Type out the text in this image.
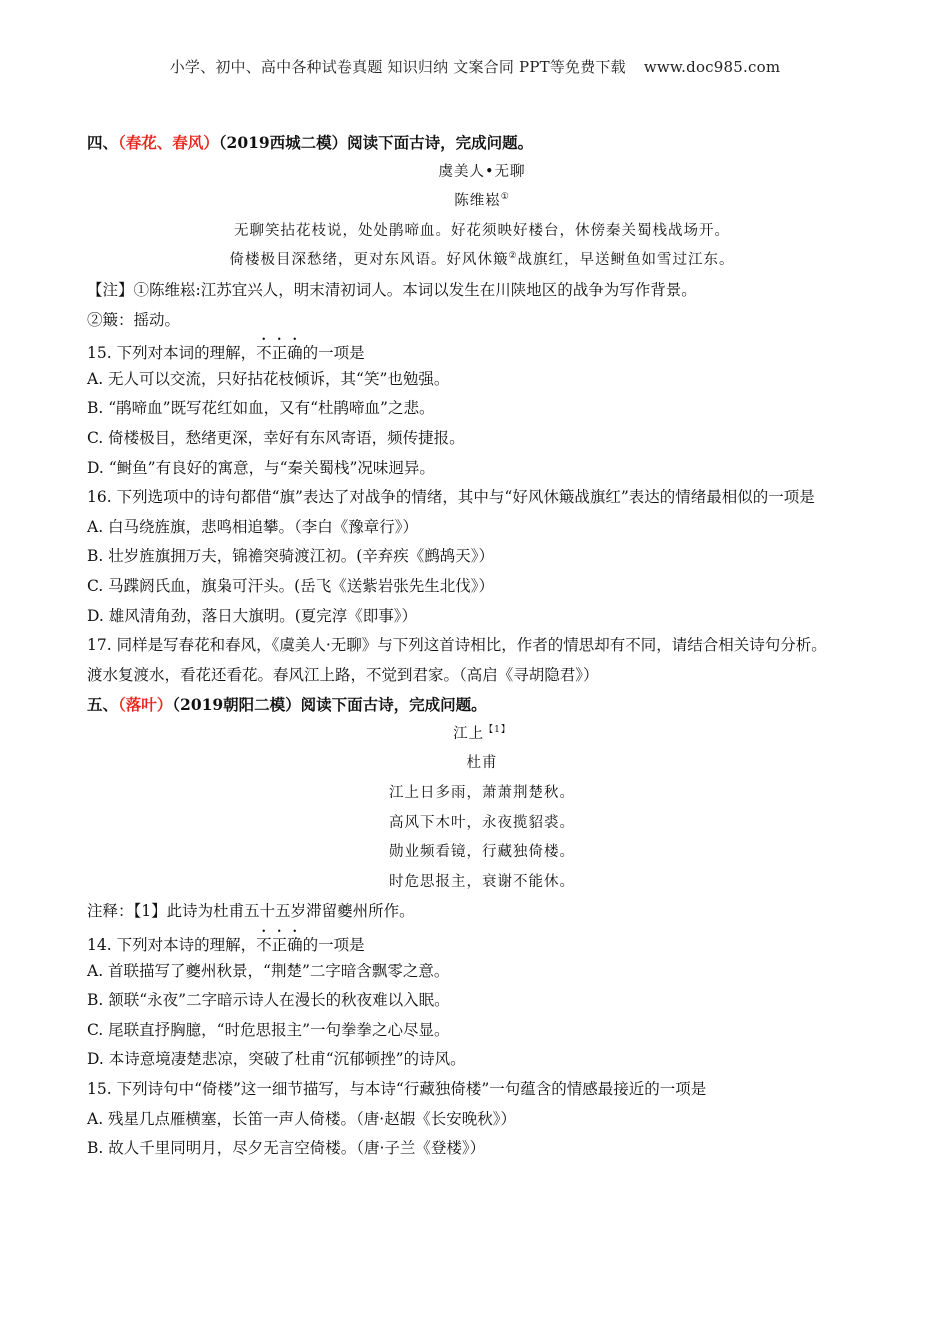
小学、初中、高中各种试卷真题 知识归纳 文案合同 PPT等免费下载 www.doc985.com
四、（春花、春风）（2019西城二模）阅读下面古诗，完成问题。
虞美人•无聊
陈维崧①
无聊笑拈花枝说，处处鹃啼血。好花须映好楼台，休傍秦关蜀栈战场开。
倚楼极目深愁绪，更对东风语。好风休簸②战旗红，早送鲥鱼如雪过江东。
【注】①陈维崧:江苏宜兴人，明末清初词人。本词以发生在川陕地区的战争为写作背景。
②簸：摇动。
15. 下列对本词的理解，不正确的一项是
A. 无人可以交流，只好拈花枝倾诉，其“笑”也勉强。
B. “鹃啼血”既写花红如血，又有“杜鹃啼血”之悲。
C. 倚楼极目，愁绪更深，幸好有东风寄语，频传捷报。
D. “鲥鱼”有良好的寓意，与“秦关蜀栈”况味迥异。
16. 下列选项中的诗句都借“旗”表达了对战争的情绪，其中与“好风休簸战旗红”表达的情绪最相似的一项是
A. 白马绕旌旗，悲鸣相追攀。（李白《豫章行》）
B. 壮岁旌旗拥万夫，锦襜突骑渡江初。(辛弃疾《鹧鸪天》）
C. 马蹀阏氏血，旗枭可汗头。(岳飞《送紫岩张先生北伐》）
D. 雄风清角劲，落日大旗明。(夏完淳《即事》）
17. 同样是写春花和春风，《虞美人·无聊》与下列这首诗相比，作者的情思却有不同，请结合相关诗句分析。
渡水复渡水，看花还看花。春风江上路，不觉到君家。（高启《寻胡隐君》）
五、（落叶）（2019朝阳二模）阅读下面古诗，完成问题。
江上$^{【1】}$
杜甫
江上日多雨，萧萧荆楚秋。
高风下木叶，永夜揽貂裘。
勋业频看镜，行藏独倚楼。
时危思报主，衰谢不能休。
注释：【1】此诗为杜甫五十五岁滞留夔州所作。
14. 下列对本诗的理解，不正确的一项是
A. 首联描写了夔州秋景，“荆楚”二字暗含飘零之意。
B. 颔联“永夜”二字暗示诗人在漫长的秋夜难以入眠。
C. 尾联直抒胸臆，“时危思报主”一句拳拳之心尽显。
D. 本诗意境凄楚悲凉，突破了杜甫“沉郁顿挫”的诗风。
15. 下列诗句中“倚楼”这一细节描写，与本诗“行藏独倚楼”一句蕴含的情感最接近的一项是
A. 残星几点雁横塞，长笛一声人倚楼。（唐·赵嘏《长安晚秋》）
B. 故人千里同明月，尽夕无言空倚楼。（唐·子兰《登楼》）
